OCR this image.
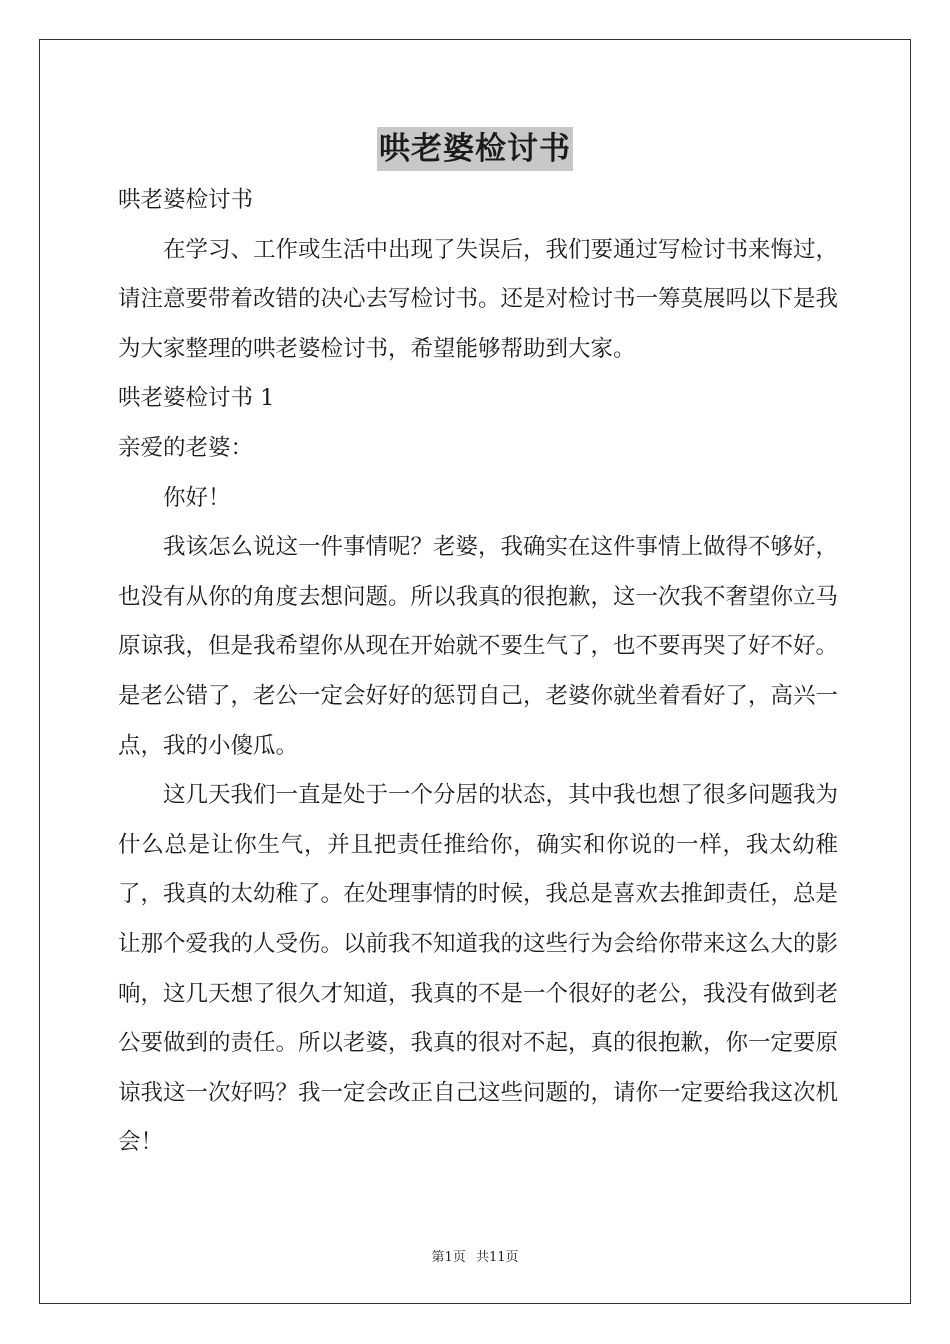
哄老婆检讨书

哄老婆检讨书

在学习、工作或生活中出现了失误后，我们要通过写检讨书来悔过，请注意要带着改错的决心去写检讨书。还是对检讨书一筹莫展吗以下是我为大家整理的哄老婆检讨书，希望能够帮助到大家。

哄老婆检讨书 1

亲爱的老婆：

你好！

我该怎么说这一件事情呢？老婆，我确实在这件事情上做得不够好，也没有从你的角度去想问题。所以我真的很抱歉，这一次我不奢望你立马原谅我，但是我希望你从现在开始就不要生气了，也不要再哭了好不好。是老公错了，老公一定会好好的惩罚自己，老婆你就坐着看好了，高兴一点，我的小傻瓜。

这几天我们一直是处于一个分居的状态，其中我也想了很多问题我为什么总是让你生气，并且把责任推给你，确实和你说的一样，我太幼稚了，我真的太幼稚了。在处理事情的时候，我总是喜欢去推卸责任，总是让那个爱我的人受伤。以前我不知道我的这些行为会给你带来这么大的影响，这几天想了很久才知道，我真的不是一个很好的老公，我没有做到老公要做到的责任。所以老婆，我真的很对不起，真的很抱歉，你一定要原谅我这一次好吗？我一定会改正自己这些问题的，请你一定要给我这次机会！

第1页 共11页
